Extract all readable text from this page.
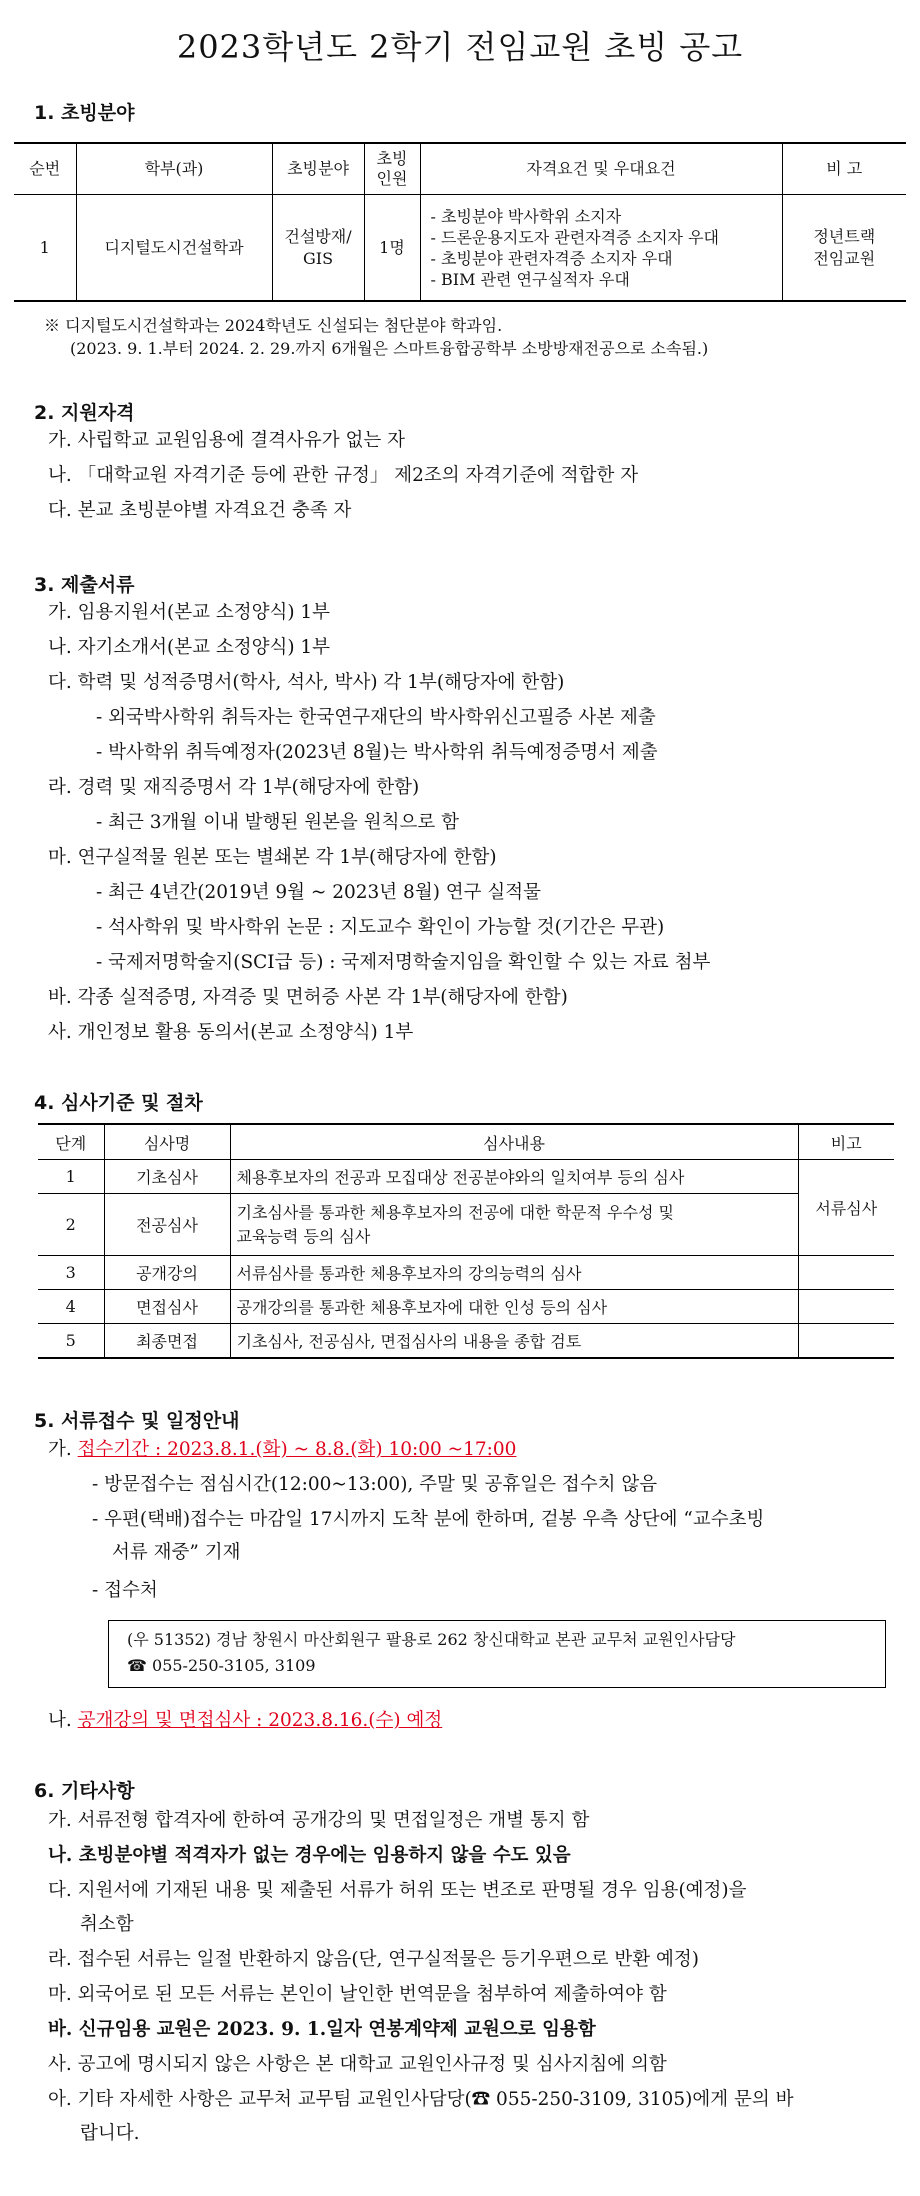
2023학년도 2학기 전임교원 초빙 공고
1. 초빙분야
순번	학부(과)	초빙분야	초빙 인원	자격요건 및 우대요건	비 고
1	디지털도시건설학과	건설방재/ GIS	1명	- 초빙분야 박사학위 소지자
- 드론운용지도자 관련자격증 소지자 우대
- 초빙분야 관련자격증 소지자 우대
- BIM 관련 연구실적자 우대	정년트랙 전임교원
※ 디지털도시건설학과는 2024학년도 신설되는 첨단분야 학과임.
(2023. 9. 1.부터 2024. 2. 29.까지 6개월은 스마트융합공학부 소방방재전공으로 소속됨.)
2. 지원자격
가. 사립학교 교원임용에 결격사유가 없는 자
나. 「대학교원 자격기준 등에 관한 규정」 제2조의 자격기준에 적합한 자
다. 본교 초빙분야별 자격요건 충족 자
3. 제출서류
가. 임용지원서(본교 소정양식) 1부
나. 자기소개서(본교 소정양식) 1부
다. 학력 및 성적증명서(학사, 석사, 박사) 각 1부(해당자에 한함)
- 외국박사학위 취득자는 한국연구재단의 박사학위신고필증 사본 제출
- 박사학위 취득예정자(2023년 8월)는 박사학위 취득예정증명서 제출
라. 경력 및 재직증명서 각 1부(해당자에 한함)
- 최근 3개월 이내 발행된 원본을 원칙으로 함
마. 연구실적물 원본 또는 별쇄본 각 1부(해당자에 한함)
- 최근 4년간(2019년 9월 ~ 2023년 8월) 연구 실적물
- 석사학위 및 박사학위 논문 : 지도교수 확인이 가능할 것(기간은 무관)
- 국제저명학술지(SCI급 등) : 국제저명학술지임을 확인할 수 있는 자료 첨부
바. 각종 실적증명, 자격증 및 면허증 사본 각 1부(해당자에 한함)
사. 개인정보 활용 동의서(본교 소정양식) 1부
4. 심사기준 및 절차
단계	심사명	심사내용	비고
1	기초심사	체용후보자의 전공과 모집대상 전공분야와의 일치여부 등의 심사	서류심사
2	전공심사	기초심사를 통과한 체용후보자의 전공에 대한 학문적 우수성 및
교육능력 등의 심사	

3	공개강의	서류심사를 통과한 체용후보자의 강의능력의 심사	
4	면접심사	공개강의를 통과한 체용후보자에 대한 인성 등의 심사	
5	최종면접	기초심사, 전공심사, 면접심사의 내용을 종합 검토	
5. 서류접수 및 일정안내
가. 접수기간 : 2023.8.1.(화) ~ 8.8.(화) 10:00 ~17:00
- 방문접수는 점심시간(12:00~13:00), 주말 및 공휴일은 접수치 않음
- 우편(택배)접수는 마감일 17시까지 도착 분에 한하며, 겉봉 우측 상단에 “교수초빙
서류 재중” 기재
- 접수처
(우 51352) 경남 창원시 마산회원구 팔용로 262 창신대학교 본관 교무처 교원인사담당
☎ 055-250-3105, 3109
나. 공개강의 및 면접심사 : 2023.8.16.(수) 예정
6. 기타사항
가. 서류전형 합격자에 한하여 공개강의 및 면접일정은 개별 통지 함
나. 초빙분야별 적격자가 없는 경우에는 임용하지 않을 수도 있음
다. 지원서에 기재된 내용 및 제출된 서류가 허위 또는 변조로 판명될 경우 임용(예정)을
취소함
라. 접수된 서류는 일절 반환하지 않음(단, 연구실적물은 등기우편으로 반환 예정)
마. 외국어로 된 모든 서류는 본인이 날인한 번역문을 첨부하여 제출하여야 함
바. 신규임용 교원은 2023. 9. 1.일자 연봉계약제 교원으로 임용함
사. 공고에 명시되지 않은 사항은 본 대학교 교원인사규정 및 심사지침에 의함
아. 기타 자세한 사항은 교무처 교무팀 교원인사담당(☎ 055-250-3109, 3105)에게 문의 바
랍니다.
